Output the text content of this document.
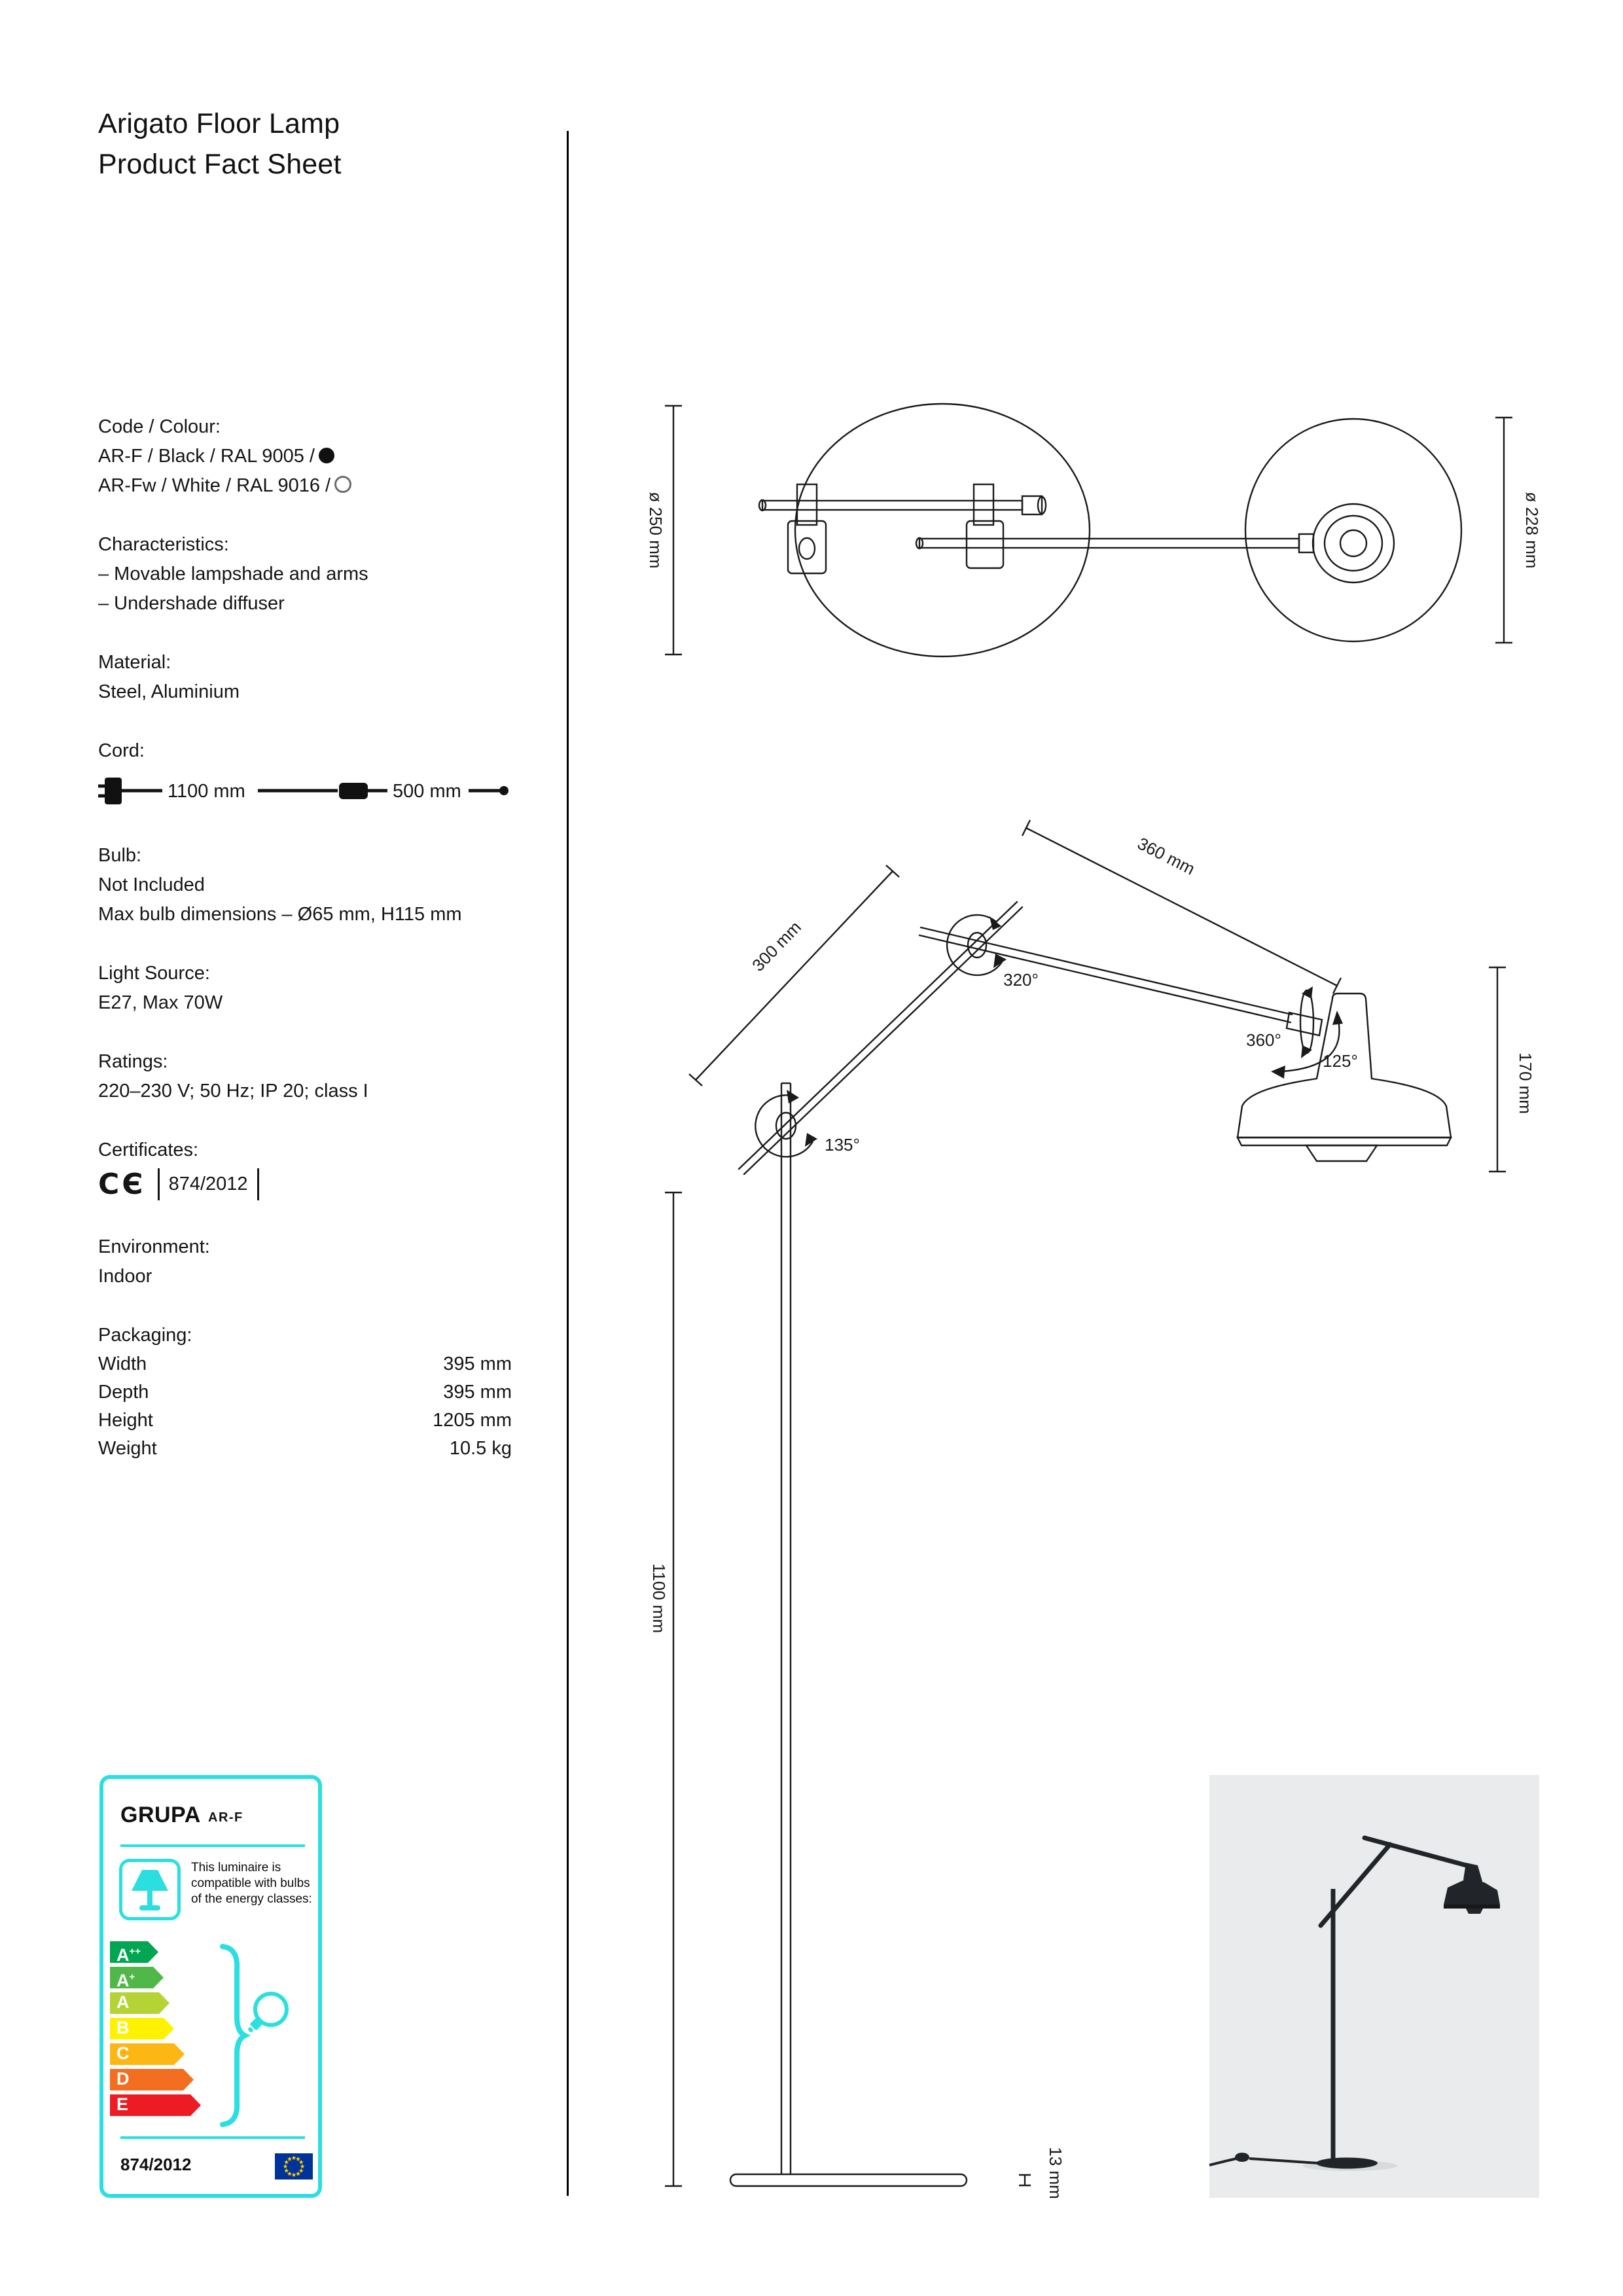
Arigato Floor Lamp
Product Fact Sheet
Code / Colour:
AR-F / Black / RAL 9005 /
AR-Fw / White / RAL 9016 /
Characteristics:
– Movable lampshade and arms
– Undershade diffuser
Material:
Steel, Aluminium
Cord:
1100 mm	500 mm
Bulb:
Not Included
Max bulb dimensions – Ø65 mm, H115 mm
Light Source:
E27, Max 70W
Ratings:
220–230 V; 50 Hz; IP 20; class I
Certificates:
CЄ	874/2012
Environment:
Indoor
Packaging:
Width	395 mm
Depth	395 mm
Height	1205 mm
Weight	10.5 kg
GRUPA AR-F
This luminaire is compatible with bulbs of the energy classes:
A++
A+
A
B
C
D
E
874/2012
ø 250 mm	ø 228 mm
360 mm
300 mm
320°
360°
125°	170 mm
135°
1100 mm
13 mm
